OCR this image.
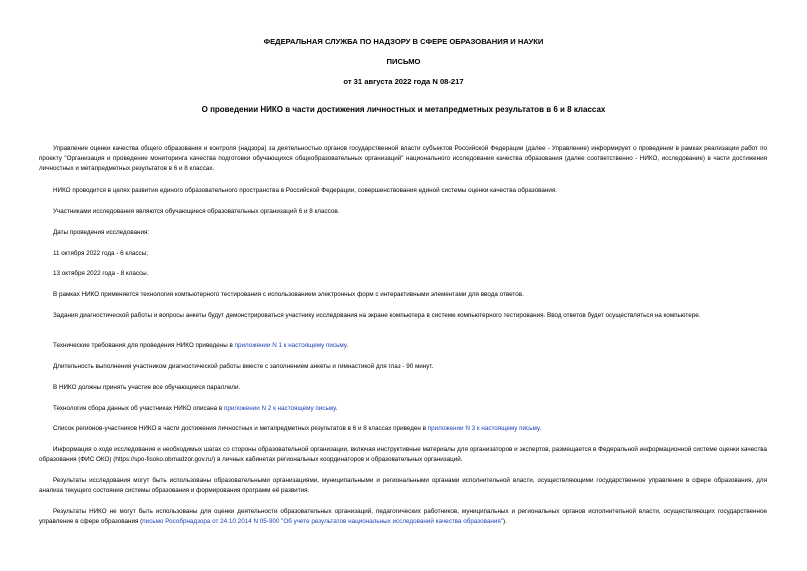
ФЕДЕРАЛЬНАЯ СЛУЖБА ПО НАДЗОРУ В СФЕРЕ ОБРАЗОВАНИЯ И НАУКИ
ПИСЬМО
от 31 августа 2022 года N 08-217
О проведении НИКО в части достижения личностных и метапредметных результатов в 6 и 8 классах
Управление оценки качества общего образования и контроля (надзора) за деятельностью органов государственной власти субъектов Российской Федерации (далее - Управление) информирует о проведении в рамках реализации работ по проекту "Организация и проведение мониторинга качества подготовки обучающихся общеобразовательных организаций" национального исследования качества образования (далее соответственно - НИКО, исследование) в части достижения личностных и метапредметных результатов в 6 и 8 классах.
НИКО проводится в целях развития единого образовательного пространства в Российской Федерации, совершенствования единой системы оценки качества образования.
Участниками исследования являются обучающиеся образовательных организаций 6 и 8 классов.
Даты проведения исследования:
11 октября 2022 года - 6 классы;
13 октября 2022 года - 8 классы.
В рамках НИКО применяется технология компьютерного тестирования с использованием электронных форм с интерактивными элементами для ввода ответов.
Задания диагностической работы и вопросы анкеты будут демонстрироваться участнику исследования на экране компьютера в системе компьютерного тестирования. Ввод ответов будет осуществляться на компьютере.
Технические требования для проведения НИКО приведены в приложении N 1 к настоящему письму.
Длительность выполнения участником диагностической работы вместе с заполнением анкеты и гимнастикой для глаз - 90 минут.
В НИКО должны принять участие все обучающиеся параллели.
Технология сбора данных об участниках НИКО описана в приложении N 2 к настоящему письму.
Список регионов-участников НИКО в части достижения личностных и метапредметных результатов в 6 и 8 классах приведен в приложении N 3 к настоящему письму.
Информация о ходе исследования и необходимых шагах со стороны образовательной организации, включая инструктивные материалы для организаторов и экспертов, размещается в Федеральной информационной системе оценки качества образования (ФИС ОКО) (https://spo-fisoko.obrnadzor.gov.ru/) в личных кабинетах региональных координаторов и образовательных организаций.
Результаты исследования могут быть использованы образовательными организациями, муниципальными и региональными органами исполнительной власти, осуществляющими государственное управление в сфере образования, для анализа текущего состояния системы образования и формирования программ её развития.
Результаты НИКО не могут быть использованы для оценки деятельности образовательных организаций, педагогических работников, муниципальных и региональных органов исполнительной власти, осуществляющих государственное управление в сфере образования (письмо Рособрнадзора от 24.10.2014 N 05-900 "Об учете результатов национальных исследований качества образования").
